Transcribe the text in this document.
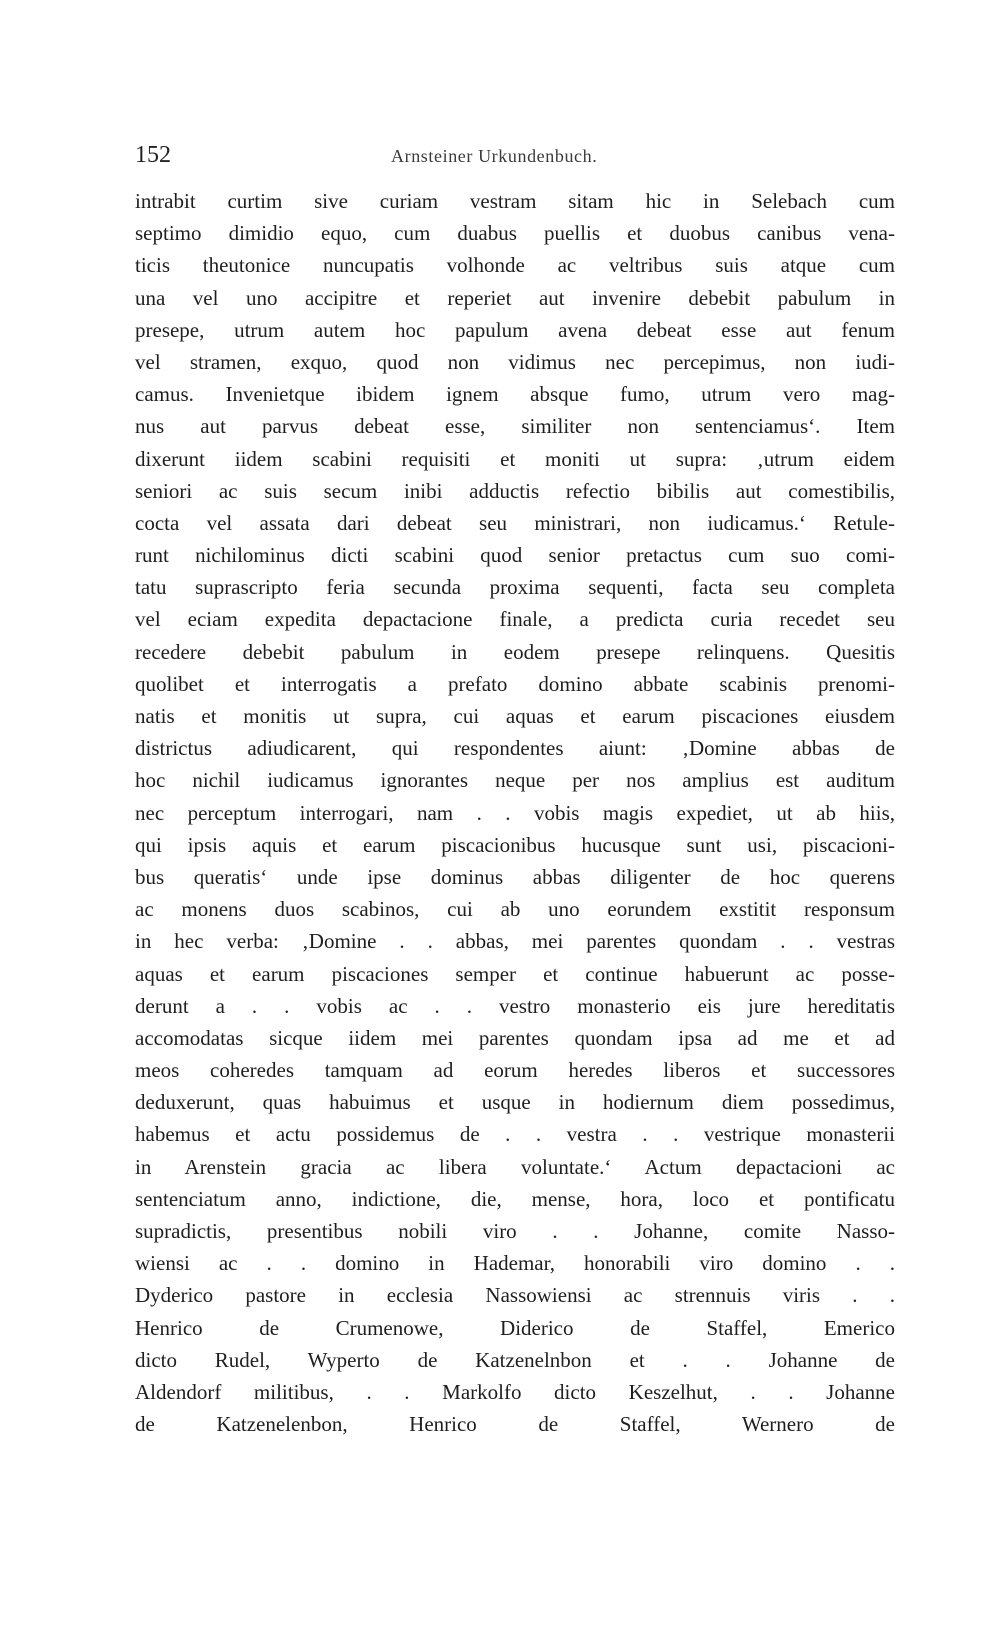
152	Arnsteiner Urkundenbuch.
intrabit curtim sive curiam vestram sitam hic in Selebach cum
septimo dimidio equo, cum duabus puellis et duobus canibus vena-
ticis theutonice nuncupatis volhonde ac veltribus suis atque cum
una vel uno accipitre et reperiet aut invenire debebit pabulum in
presepe, utrum autem hoc papulum avena debeat esse aut fenum
vel stramen, exquo, quod non vidimus nec percepimus, non iudi-
camus. Invenietque ibidem ignem absque fumo, utrum vero mag-
nus aut parvus debeat esse, similiter non sentenciamus‘. Item
dixerunt iidem scabini requisiti et moniti ut supra: ‚utrum eidem
seniori ac suis secum inibi adductis refectio bibilis aut comestibilis,
cocta vel assata dari debeat seu ministrari, non iudicamus.‘ Retule-
runt nichilominus dicti scabini quod senior pretactus cum suo comi-
tatu suprascripto feria secunda proxima sequenti, facta seu completa
vel eciam expedita depactacione finale, a predicta curia recedet seu
recedere debebit pabulum in eodem presepe relinquens. Quesitis
quolibet et interrogatis a prefato domino abbate scabinis prenomi-
natis et monitis ut supra, cui aquas et earum piscaciones eiusdem
districtus adiudicarent, qui respondentes aiunt: ‚Domine abbas de
hoc nichil iudicamus ignorantes neque per nos amplius est auditum
nec perceptum interrogari, nam . . vobis magis expediet, ut ab hiis,
qui ipsis aquis et earum piscacionibus hucusque sunt usi, piscacioni-
bus queratis‘ unde ipse dominus abbas diligenter de hoc querens
ac monens duos scabinos, cui ab uno eorundem exstitit responsum
in hec verba: ‚Domine . . abbas, mei parentes quondam . . vestras
aquas et earum piscaciones semper et continue habuerunt ac posse-
derunt a . . vobis ac . . vestro monasterio eis jure hereditatis
accomodatas sicque iidem mei parentes quondam ipsa ad me et ad
meos coheredes tamquam ad eorum heredes liberos et successores
deduxerunt, quas habuimus et usque in hodiernum diem possedimus,
habemus et actu possidemus de . . vestra . . vestrique monasterii
in Arenstein gracia ac libera voluntate.‘ Actum depactacioni ac
sentenciatum anno, indictione, die, mense, hora, loco et pontificatu
supradictis, presentibus nobili viro . . Johanne, comite Nasso-
wiensi ac . . domino in Hademar, honorabili viro domino . .
Dyderico pastore in ecclesia Nassowiensi ac strennuis viris . .
Henrico de Crumenowe, Diderico de Staffel, Emerico
dicto Rudel, Wyperto de Katzenelnbon et . . Johanne de
Aldendorf militibus, . . Markolfo dicto Keszelhut, . . Johanne
de Katzenelenbon, Henrico de Staffel, Wernero de
